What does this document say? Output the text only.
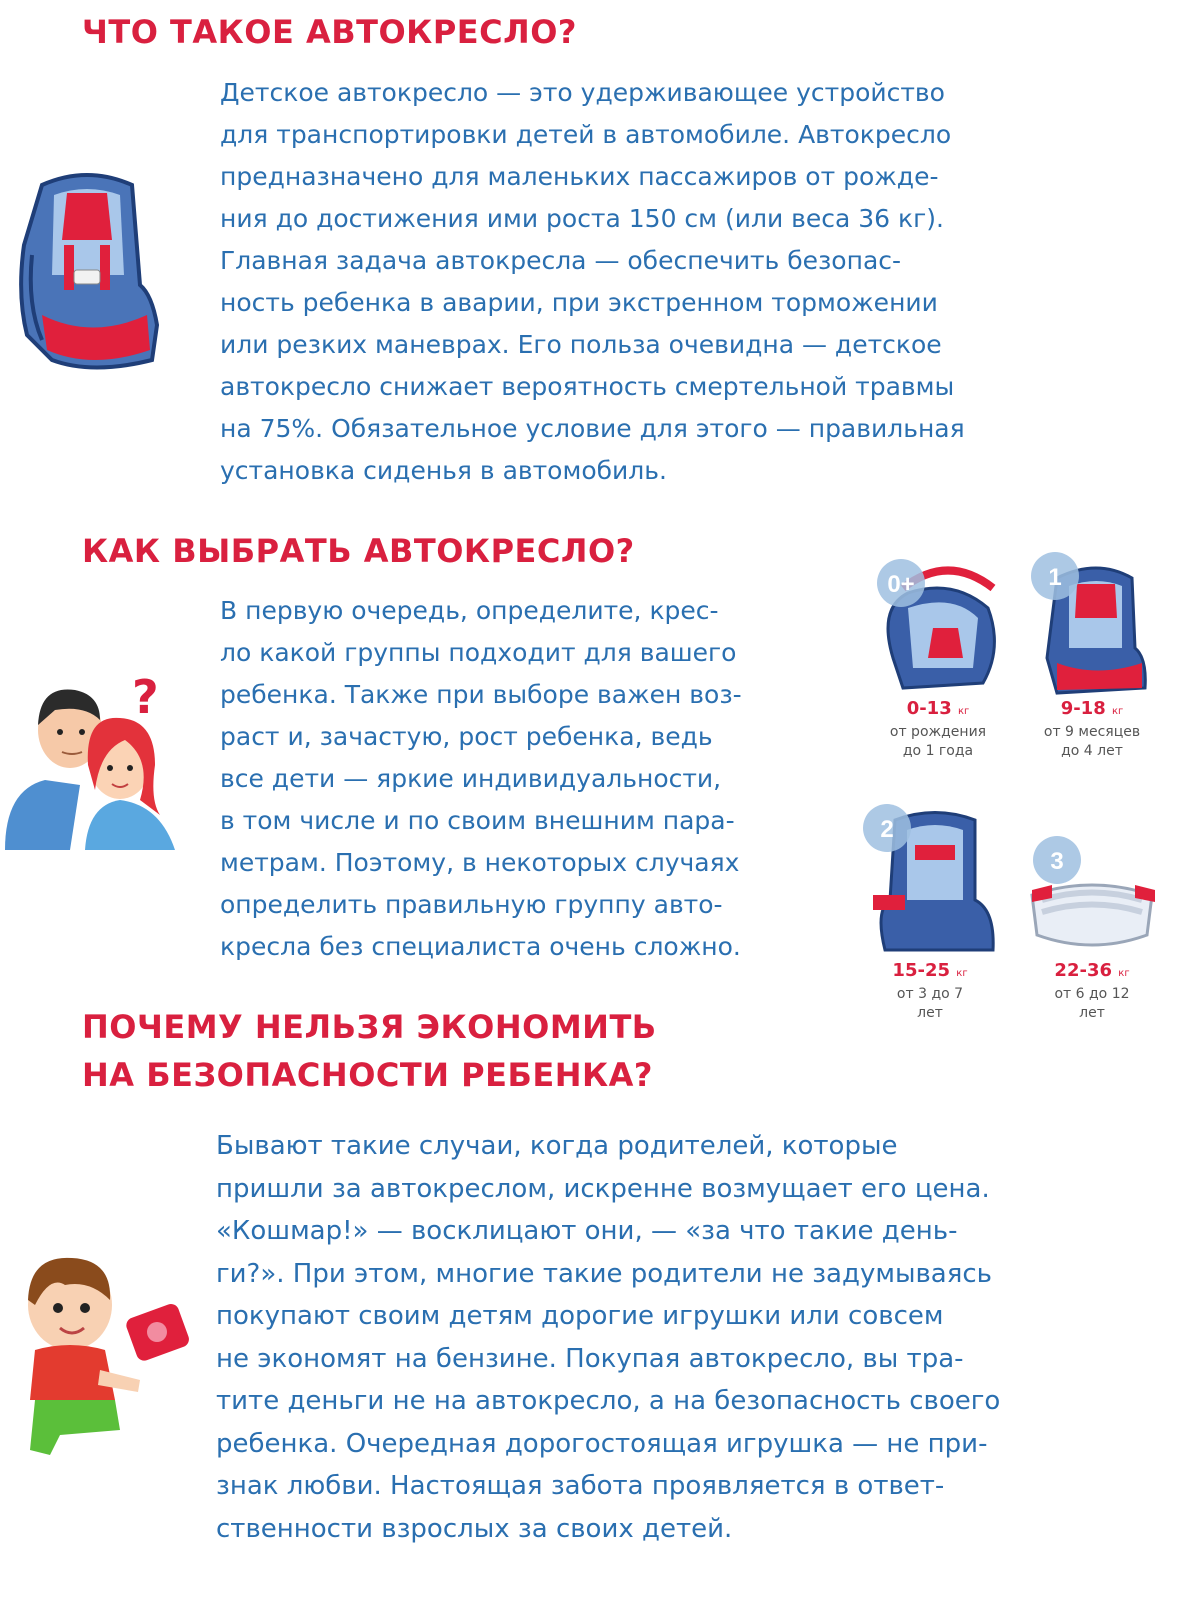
ЧТО ТАКОЕ АВТОКРЕСЛО?
Детское автокресло — это удерживающее устройство
для транспортировки детей в автомобиле. Автокресло
предназначено для маленьких пассажиров от рожде-
ния до достижения ими роста 150 см (или веса 36 кг).
Главная задача автокресла — обеспечить безопас-
ность ребенка в аварии, при экстренном торможении
или резких маневрах. Его польза очевидна — детское
автокресло снижает вероятность смертельной травмы
на 75%. Обязательное условие для этого — правильная
установка сиденья в автомобиль.
КАК ВЫБРАТЬ АВТОКРЕСЛО?
?
В первую очередь, определите, крес-
ло какой группы подходит для вашего
ребенка. Также при выборе важен воз-
раст и, зачастую, рост ребенка, ведь
все дети — яркие индивидуальности,
в том числе и по своим внешним пара-
метрам. Поэтому, в некоторых случаях
определить правильную группу авто-
кресла без специалиста очень сложно.
0+
0-13 кг
от рождения
до 1 года
1
9-18 кг
от 9 месяцев
до 4 лет
2
15-25 кг
от 3 до 7
лет
3
22-36 кг
от 6 до 12
лет
ПОЧЕМУ НЕЛЬЗЯ ЭКОНОМИТЬ
НА БЕЗОПАСНОСТИ РЕБЕНКА?
Бывают такие случаи, когда родителей, которые
пришли за автокреслом, искренне возмущает его цена.
«Кошмар!» — восклицают они, — «за что такие день-
ги?». При этом, многие такие родители не задумываясь
покупают своим детям дорогие игрушки или совсем
не экономят на бензине. Покупая автокресло, вы тра-
тите деньги не на автокресло, а на безопасность своего
ребенка. Очередная дорогостоящая игрушка — не при-
знак любви. Настоящая забота проявляется в ответ-
ственности взрослых за своих детей.
